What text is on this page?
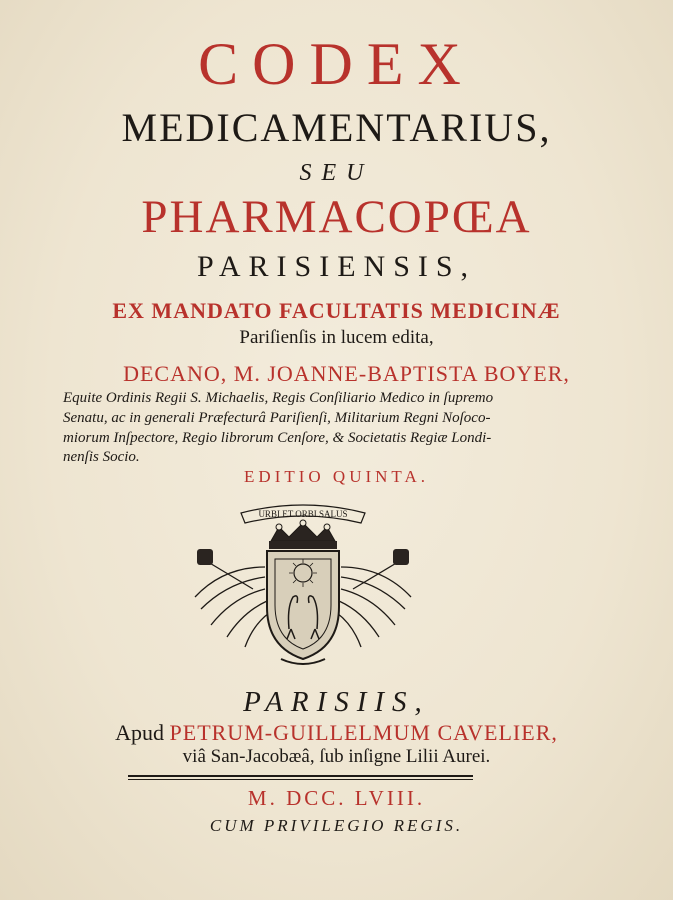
CODEX
MEDICAMENTARIUS,
SEU
PHARMACOPŒA
PARISIENSIS,
EX MANDATO FACULTATIS MEDICINÆ
Pariſienſis in lucem edita,
DECANO, M. JOANNE-BAPTISTA BOYER,
Equite Ordinis Regii S. Michaelis, Regis Conſiliario Medico in ſupremo
Senatu, ac in generali Præfecturâ Pariſienſi, Militarium Regni Noſoco-
miorum Inſpectore, Regio librorum Cenſore, & Societatis Regiæ Londi-
nenſis Socio.
EDITIO QUINTA.
URBI ET ORBI SALUS
PARISIIS,
Apud PETRUM-GUILLELMUM CAVELIER,
viâ San-Jacobæâ, ſub inſigne Lilii Aurei.
M. DCC. LVIII.
CUM PRIVILEGIO REGIS.
